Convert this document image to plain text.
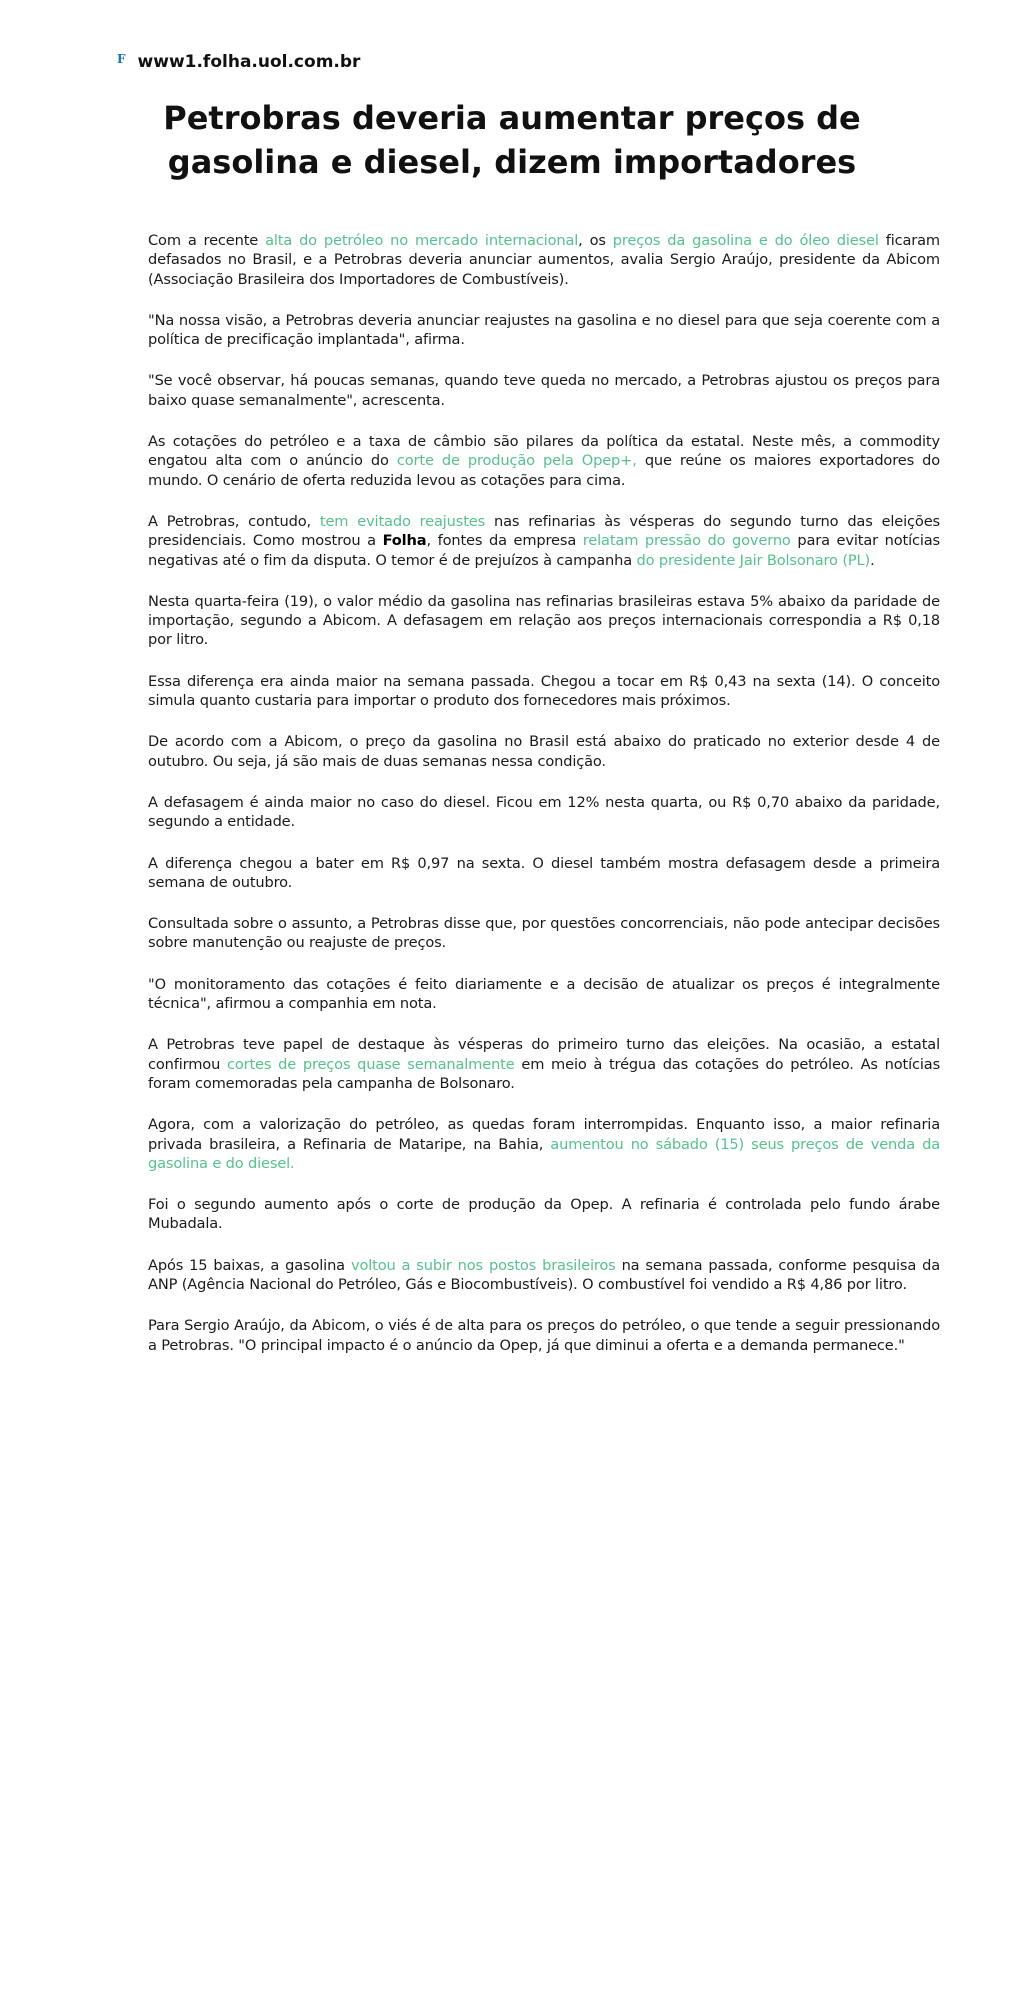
F www1.folha.uol.com.br
Petrobras deveria aumentar preços de gasolina e diesel, dizem importadores

Com a recente alta do petróleo no mercado internacional, os preços da gasolina e do óleo diesel ficaram defasados no Brasil, e a Petrobras deveria anunciar aumentos, avalia Sergio Araújo, presidente da Abicom (Associação Brasileira dos Importadores de Combustíveis).

"Na nossa visão, a Petrobras deveria anunciar reajustes na gasolina e no diesel para que seja coerente com a política de precificação implantada", afirma.

"Se você observar, há poucas semanas, quando teve queda no mercado, a Petrobras ajustou os preços para baixo quase semanalmente", acrescenta.

As cotações do petróleo e a taxa de câmbio são pilares da política da estatal. Neste mês, a commodity engatou alta com o anúncio do corte de produção pela Opep+, que reúne os maiores exportadores do mundo. O cenário de oferta reduzida levou as cotações para cima.

A Petrobras, contudo, tem evitado reajustes nas refinarias às vésperas do segundo turno das eleições presidenciais. Como mostrou a Folha, fontes da empresa relatam pressão do governo para evitar notícias negativas até o fim da disputa. O temor é de prejuízos à campanha do presidente Jair Bolsonaro (PL).

Nesta quarta-feira (19), o valor médio da gasolina nas refinarias brasileiras estava 5% abaixo da paridade de importação, segundo a Abicom. A defasagem em relação aos preços internacionais correspondia a R$ 0,18 por litro.

Essa diferença era ainda maior na semana passada. Chegou a tocar em R$ 0,43 na sexta (14). O conceito simula quanto custaria para importar o produto dos fornecedores mais próximos.

De acordo com a Abicom, o preço da gasolina no Brasil está abaixo do praticado no exterior desde 4 de outubro. Ou seja, já são mais de duas semanas nessa condição.

A defasagem é ainda maior no caso do diesel. Ficou em 12% nesta quarta, ou R$ 0,70 abaixo da paridade, segundo a entidade.

A diferença chegou a bater em R$ 0,97 na sexta. O diesel também mostra defasagem desde a primeira semana de outubro.

Consultada sobre o assunto, a Petrobras disse que, por questões concorrenciais, não pode antecipar decisões sobre manutenção ou reajuste de preços.

"O monitoramento das cotações é feito diariamente e a decisão de atualizar os preços é integralmente técnica", afirmou a companhia em nota.

A Petrobras teve papel de destaque às vésperas do primeiro turno das eleições. Na ocasião, a estatal confirmou cortes de preços quase semanalmente em meio à trégua das cotações do petróleo. As notícias foram comemoradas pela campanha de Bolsonaro.

Agora, com a valorização do petróleo, as quedas foram interrompidas. Enquanto isso, a maior refinaria privada brasileira, a Refinaria de Mataripe, na Bahia, aumentou no sábado (15) seus preços de venda da gasolina e do diesel.

Foi o segundo aumento após o corte de produção da Opep. A refinaria é controlada pelo fundo árabe Mubadala.

Após 15 baixas, a gasolina voltou a subir nos postos brasileiros na semana passada, conforme pesquisa da ANP (Agência Nacional do Petróleo, Gás e Biocombustíveis). O combustível foi vendido a R$ 4,86 por litro.

Para Sergio Araújo, da Abicom, o viés é de alta para os preços do petróleo, o que tende a seguir pressionando a Petrobras. "O principal impacto é o anúncio da Opep, já que diminui a oferta e a demanda permanece."
